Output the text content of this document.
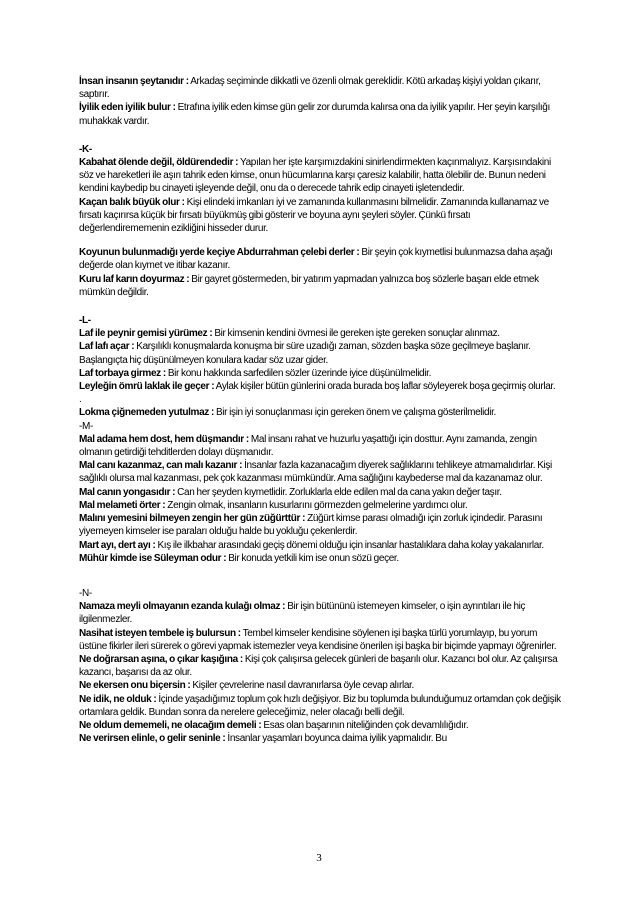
İnsan insanın şeytanıdır : Arkadaş seçiminde dikkatli ve özenli olmak gereklidir. Kötü arkadaş kişiyi yoldan çıkarır, saptırır.

İyilik eden iyilik bulur : Etrafına iyilik eden kimse gün gelir zor durumda kalırsa ona da iyilik yapılır. Her şeyin karşılığı muhakkak vardır.

-K-

Kabahat ölende değil, öldürendedir : Yapılan her işte karşımızdakini sinirlendirmekten kaçınmalıyız. Karşısındakini söz ve hareketleri ile aşırı tahrik eden kimse, onun hücumlarına karşı çaresiz kalabilir, hatta ölebilir de. Bunun nedeni kendini kaybedip bu cinayeti işleyende değil, onu da o derecede tahrik edip cinayeti işletendedir.

Kaçan balık büyük olur : Kişi elindeki imkanları iyi ve zamanında kullanmasını bilmelidir. Zamanında kullanamaz ve fırsatı kaçırırsa küçük bir fırsatı büyükmüş gibi gösterir ve boyuna aynı şeyleri söyler. Çünkü fırsatı değerlendirememenin ezikliğini hisseder durur.

Koyunun bulunmadığı yerde keçiye Abdurrahman çelebi derler : Bir şeyin çok kıymetlisi bulunmazsa daha aşağı değerde olan kıymet ve itibar kazanır.

Kuru laf karın doyurmaz : Bir gayret göstermeden, bir yatırım yapmadan yalnızca boş sözlerle başarı elde etmek mümkün değildir.

-L-

Laf ile peynir gemisi yürümez : Bir kimsenin kendini övmesi ile gereken işte gereken sonuçlar alınmaz.

Laf lafı açar : Karşılıklı konuşmalarda konuşma bir süre uzadığı zaman, sözden başka söze geçilmeye başlanır. Başlangıçta hiç düşünülmeyen konulara kadar söz uzar gider.

Laf torbaya girmez : Bir konu hakkında sarfedilen sözler üzerinde iyice düşünülmelidir.

Leyleğin ömrü laklak ile geçer : Aylak kişiler bütün günlerini orada burada boş laflar söyleyerek boşa geçirmiş olurlar.

.

Lokma çiğnemeden yutulmaz : Bir işin iyi sonuçlanması için gereken önem ve çalışma gösterilmelidir.

-M-

Mal adama hem dost, hem düşmandır : Mal insanı rahat ve huzurlu yaşattığı için dosttur. Aynı zamanda, zengin olmanın getirdiği tehditlerden dolayı düşmanıdır.

Mal canı kazanmaz, can malı kazanır : İnsanlar fazla kazanacağım diyerek sağlıklarını tehlikeye atmamalıdırlar. Kişi sağlıklı olursa mal kazanması, pek çok kazanması mümkündür. Ama sağlığını kaybederse mal da kazanamaz olur.

Mal canın yongasıdır : Can her şeyden kıymetlidir. Zorluklarla elde edilen mal da cana yakın değer taşır.

Mal melameti örter : Zengin olmak, insanların kusurlarını görmezden gelmelerine yardımcı olur.

Malını yemesini bilmeyen zengin her gün züğürttür : Züğürt kimse parası olmadığı için zorluk içindedir. Parasını yiyemeyen kimseler ise paraları olduğu halde bu yokluğu çekenlerdir.

Mart ayı, dert ayı : Kış ile ilkbahar arasındaki geçiş dönemi olduğu için insanlar hastalıklara daha kolay yakalanırlar.

Mühür kimde ise Süleyman odur : Bir konuda yetkili kim ise onun sözü geçer.

-N-

Namaza meyli olmayanın ezanda kulağı olmaz : Bir işin bütününü istemeyen kimseler, o işin ayrıntıları ile hiç ilgilenmezler.

Nasihat isteyen tembele iş bulursun : Tembel kimseler kendisine söylenen işi başka türlü yorumlayıp, bu yorum üstüne fikirler ileri sürerek o görevi yapmak istemezler veya kendisine önerilen işi başka bir biçimde yapmayı öğrenirler.

Ne doğrarsan aşına, o çıkar kaşığına : Kişi çok çalışırsa gelecek günleri de başarılı olur. Kazancı bol olur. Az çalışırsa kazancı, başarısı da az olur.

Ne ekersen onu biçersin : Kişiler çevrelerine nasıl davranırlarsa öyle cevap alırlar.

Ne idik, ne olduk : İçinde yaşadığımız toplum çok hızlı değişiyor. Biz bu toplumda bulunduğumuz ortamdan çok değişik ortamlara geldik. Bundan sonra da nerelere geleceğimiz, neler olacağı belli değil.

Ne oldum dememeli, ne olacağım demeli : Esas olan başarının niteliğinden çok devamlılığıdır.

Ne verirsen elinle, o gelir seninle : İnsanlar yaşamları boyunca daima iyilik yapmalıdır. Bu

3
